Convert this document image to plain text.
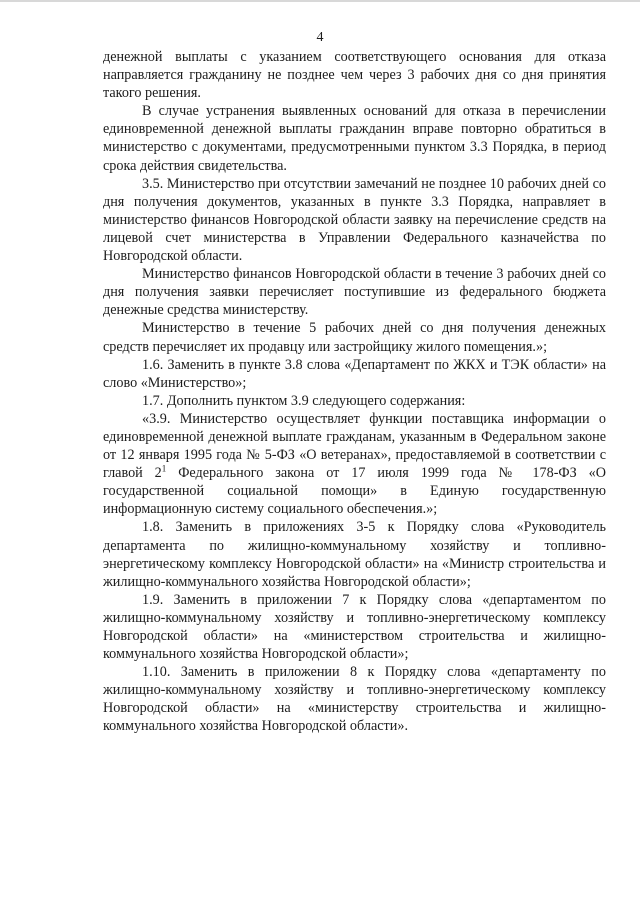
4

денежной выплаты с указанием соответствующего основания для отказа направляется гражданину не позднее чем через 3 рабочих дня со дня принятия такого решения.

В случае устранения выявленных оснований для отказа в перечислении единовременной денежной выплаты гражданин вправе повторно обратиться в министерство с документами, предусмотренными пунктом 3.3 Порядка, в период срока действия свидетельства.

3.5. Министерство при отсутствии замечаний не позднее 10 рабочих дней со дня получения документов, указанных в пункте 3.3 Порядка, направляет в министерство финансов Новгородской области заявку на перечисление средств на лицевой счет министерства в Управлении Федерального казначейства по Новгородской области.

Министерство финансов Новгородской области в течение 3 рабочих дней со дня получения заявки перечисляет поступившие из федерального бюджета денежные средства министерству.

Министерство в течение 5 рабочих дней со дня получения денежных средств перечисляет их продавцу или застройщику жилого помещения.»;

1.6. Заменить в пункте 3.8 слова «Департамент по ЖКХ и ТЭК области» на слово «Министерство»;

1.7. Дополнить пунктом 3.9 следующего содержания:

«3.9. Министерство осуществляет функции поставщика информации о единовременной денежной выплате гражданам, указанным в Федеральном законе от 12 января 1995 года № 5-ФЗ «О ветеранах», предоставляемой в соответствии с главой $2^1$ Федерального закона от 17 июля 1999 года № 178-ФЗ «О государственной социальной помощи» в Единую государственную информационную систему социального обеспечения.»;

1.8. Заменить в приложениях 3-5 к Порядку слова «Руководитель департамента по жилищно-коммунальному хозяйству и топливно-энергетическому комплексу Новгородской области» на «Министр строительства и жилищно-коммунального хозяйства Новгородской области»;

1.9. Заменить в приложении 7 к Порядку слова «департаментом по жилищно-коммунальному хозяйству и топливно-энергетическому комплексу Новгородской области» на «министерством строительства и жилищно-коммунального хозяйства Новгородской области»;

1.10. Заменить в приложении 8 к Порядку слова «департаменту по жилищно-коммунальному хозяйству и топливно-энергетическому комплексу Новгородской области» на «министерству строительства и жилищно-коммунального хозяйства Новгородской области».
